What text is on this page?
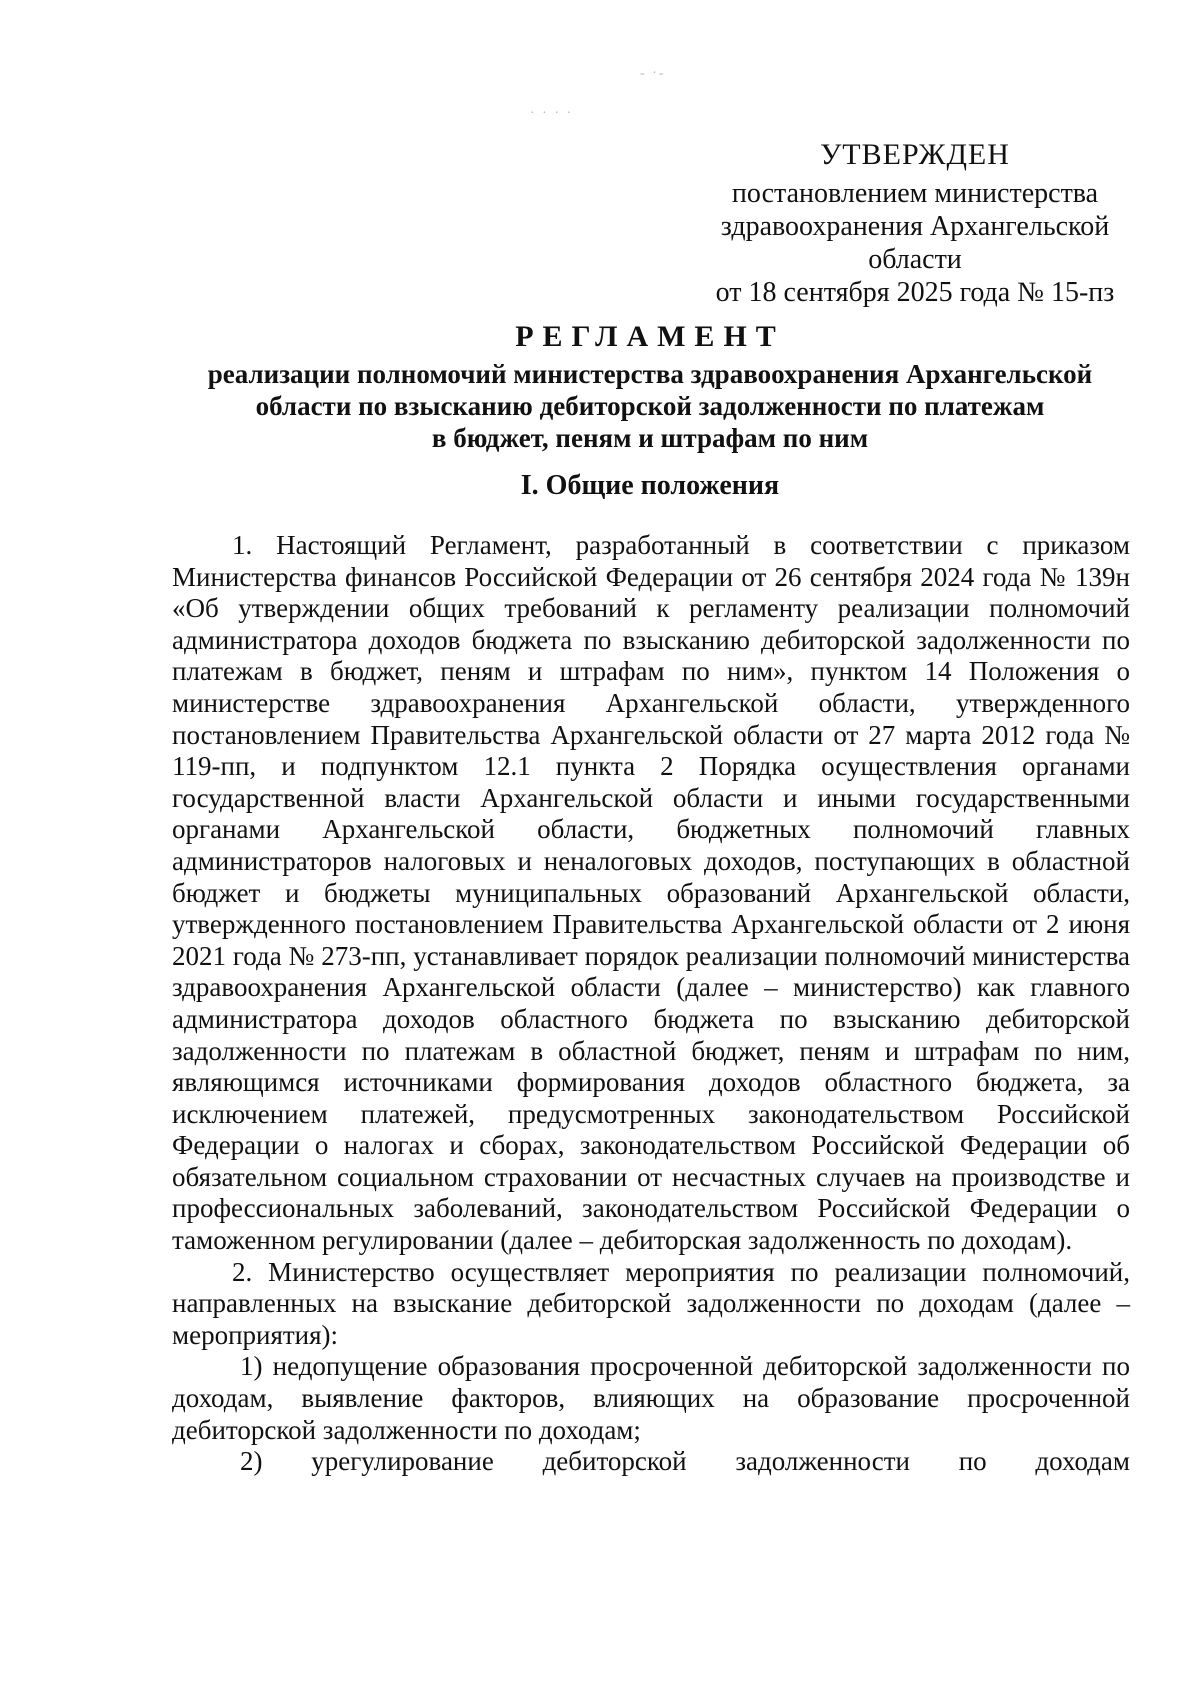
‑ ·‑
· · · ·
УТВЕРЖДЕН
постановлением министерства
здравоохранения Архангельской
области
от 18 сентября 2025 года № 15-пз
РЕГЛАМЕНТ
реализации полномочий министерства здравоохранения Архангельской
области по взысканию дебиторской задолженности по платежам
в бюджет, пеням и штрафам по ним
I. Общие положения

1. Настоящий Регламент, разработанный в соответствии с приказом Министерства финансов Российской Федерации от 26 сентября 2024 года № 139н «Об утверждении общих требований к регламенту реализации полномочий администратора доходов бюджета по взысканию дебиторской задолженности по платежам в бюджет, пеням и штрафам по ним», пунктом 14 Положения о министерстве здравоохранения Архангельской области, утвержденного постановлением Правительства Архангельской области от 27 марта 2012 года № 119-пп, и подпунктом 12.1 пункта 2 Порядка осуществления органами государственной власти Архангельской области и иными государственными органами Архангельской области, бюджетных полномочий главных администраторов налоговых и неналоговых доходов, поступающих в областной бюджет и бюджеты муниципальных образований Архангельской области, утвержденного постановлением Правительства Архангельской области от 2 июня 2021 года № 273-пп, устанавливает порядок реализации полномочий министерства здравоохранения Архангельской области (далее – министерство) как главного администратора доходов областного бюджета по взысканию дебиторской задолженности по платежам в областной бюджет, пеням и штрафам по ним, являющимся источниками формирования доходов областного бюджета, за исключением платежей, предусмотренных законодательством Российской Федерации о налогах и сборах, законодательством Российской Федерации об обязательном социальном страховании от несчастных случаев на производстве и профессиональных заболеваний, законодательством Российской Федерации о таможенном регулировании (далее – дебиторская задолженность по доходам).

2. Министерство осуществляет мероприятия по реализации полномочий, направленных на взыскание дебиторской задолженности по доходам (далее – мероприятия):

1) недопущение образования просроченной дебиторской задолженности по доходам, выявление факторов, влияющих на образование просроченной дебиторской задолженности по доходам;

2) урегулирование дебиторской задолженности по доходам
